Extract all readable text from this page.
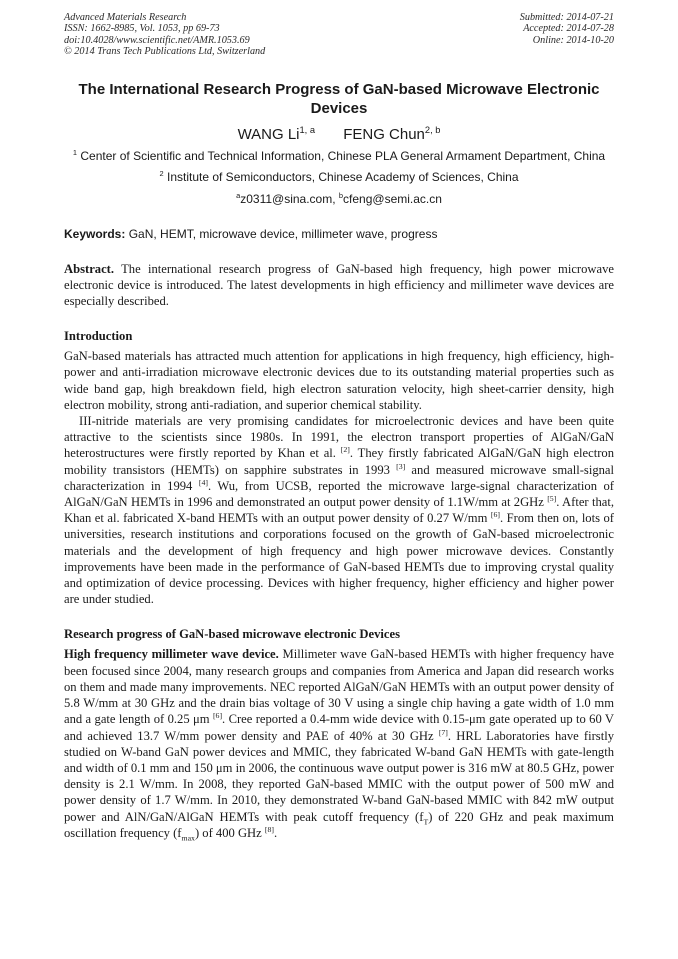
Advanced Materials Research
ISSN: 1662-8985, Vol. 1053, pp 69-73
doi:10.4028/www.scientific.net/AMR.1053.69
© 2014 Trans Tech Publications Ltd, Switzerland
Submitted: 2014-07-21
Accepted: 2014-07-28
Online: 2014-10-20
The International Research Progress of GaN-based Microwave Electronic Devices
WANG Li$^{1, a}$ FENG Chun$^{2, b}$
$^1$ Center of Scientific and Technical Information, Chinese PLA General Armament Department, China
$^2$ Institute of Semiconductors, Chinese Academy of Sciences, China
$^a$z0311@sina.com, $^b$cfeng@semi.ac.cn
Keywords: GaN, HEMT, microwave device, millimeter wave, progress

Abstract. The international research progress of GaN-based high frequency, high power microwave electronic device is introduced. The latest developments in high efficiency and millimeter wave devices are especially described.

Introduction

GaN-based materials has attracted much attention for applications in high frequency, high efficiency, high-power and anti-irradiation microwave electronic devices due to its outstanding material properties such as wide band gap, high breakdown field, high electron saturation velocity, high sheet-carrier density, high electron mobility, strong anti-radiation, and superior chemical stability.

III-nitride materials are very promising candidates for microelectronic devices and have been quite attractive to the scientists since 1980s. In 1991, the electron transport properties of AlGaN/GaN heterostructures were firstly reported by Khan et al. [2]. They firstly fabricated AlGaN/GaN high electron mobility transistors (HEMTs) on sapphire substrates in 1993 [3] and measured microwave small-signal characterization in 1994 [4]. Wu, from UCSB, reported the microwave large-signal characterization of AlGaN/GaN HEMTs in 1996 and demonstrated an output power density of 1.1W/mm at 2GHz [5]. After that, Khan et al. fabricated X-band HEMTs with an output power density of 0.27 W/mm [6]. From then on, lots of universities, research institutions and corporations focused on the growth of GaN-based microelectronic materials and the development of high frequency and high power microwave devices. Constantly improvements have been made in the performance of GaN-based HEMTs due to improving crystal quality and optimization of device processing. Devices with higher frequency, higher efficiency and higher power are under studied.

Research progress of GaN-based microwave electronic Devices

High frequency millimeter wave device. Millimeter wave GaN-based HEMTs with higher frequency have been focused since 2004, many research groups and companies from America and Japan did research works on them and made many improvements. NEC reported AlGaN/GaN HEMTs with an output power density of 5.8 W/mm at 30 GHz and the drain bias voltage of 30 V using a single chip having a gate width of 1.0 mm and a gate length of 0.25 μm [6]. Cree reported a 0.4-mm wide device with 0.15-μm gate operated up to 60 V and achieved 13.7 W/mm power density and PAE of 40% at 30 GHz [7]. HRL Laboratories have firstly studied on W-band GaN power devices and MMIC, they fabricated W-band GaN HEMTs with gate-length and width of 0.1 mm and 150 μm in 2006, the continuous wave output power is 316 mW at 80.5 GHz, power density is 2.1 W/mm. In 2008, they reported GaN-based MMIC with the output power of 500 mW and power density of 1.7 W/mm. In 2010, they demonstrated W-band GaN-based MMIC with 842 mW output power and AlN/GaN/AlGaN HEMTs with peak cutoff frequency $(f_T)$ of 220 GHz and peak maximum oscillation frequency $(f_{max})$ of 400 GHz [8].
